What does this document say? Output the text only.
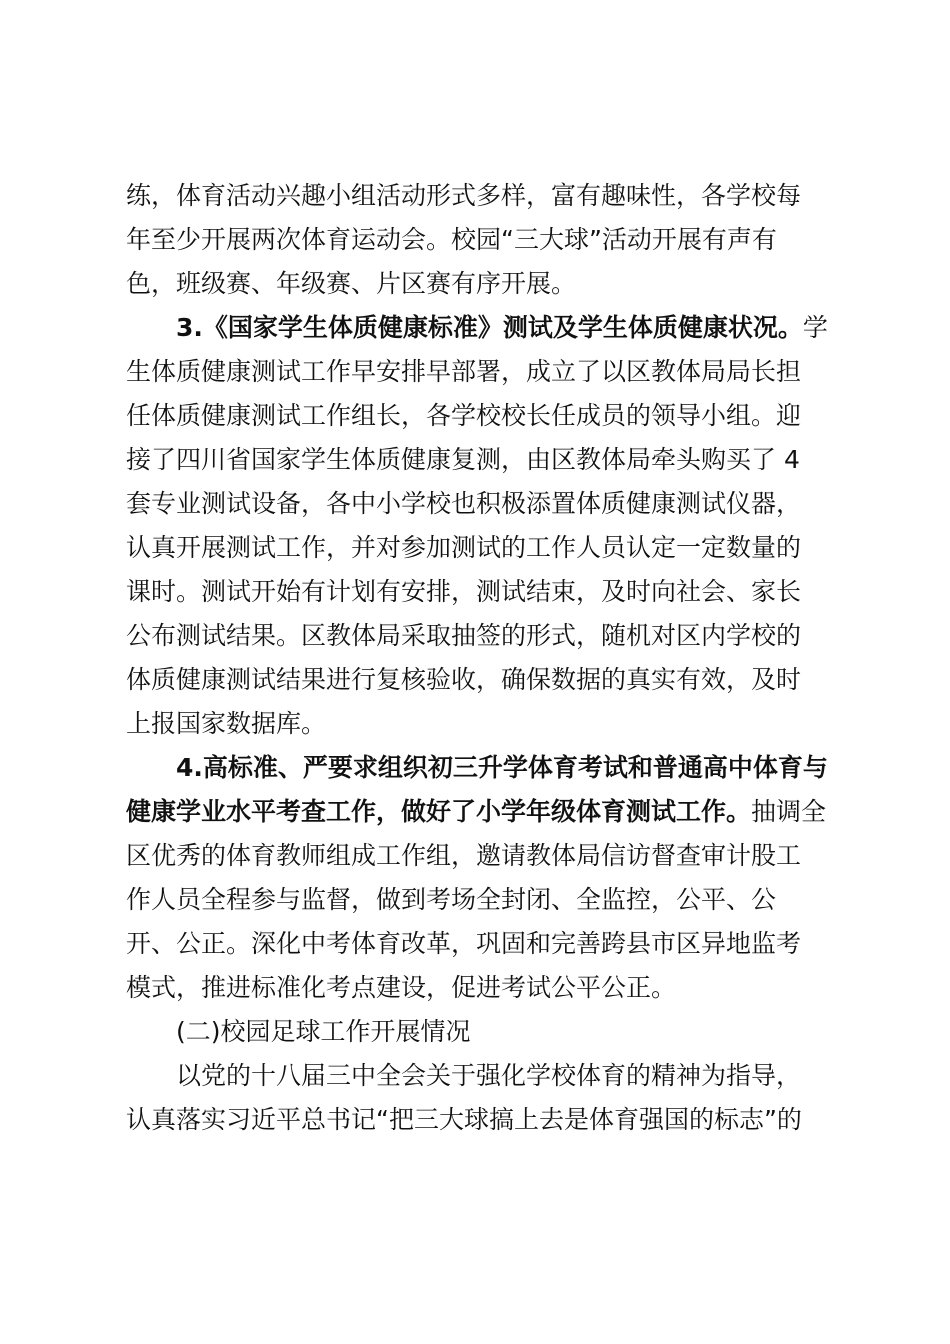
练，体育活动兴趣小组活动形式多样，富有趣味性，各学校每
年至少开展两次体育运动会。校园“三大球”活动开展有声有
色，班级赛、年级赛、片区赛有序开展。
3.《国家学生体质健康标准》测试及学生体质健康状况。学
生体质健康测试工作早安排早部署，成立了以区教体局局长担
任体质健康测试工作组长，各学校校长任成员的领导小组。迎
接了四川省国家学生体质健康复测，由区教体局牵头购买了 4
套专业测试设备，各中小学校也积极添置体质健康测试仪器，
认真开展测试工作，并对参加测试的工作人员认定一定数量的
课时。测试开始有计划有安排，测试结束，及时向社会、家长
公布测试结果。区教体局采取抽签的形式，随机对区内学校的
体质健康测试结果进行复核验收，确保数据的真实有效，及时
上报国家数据库。
4.高标准、严要求组织初三升学体育考试和普通高中体育与
健康学业水平考查工作，做好了小学年级体育测试工作。抽调全
区优秀的体育教师组成工作组，邀请教体局信访督查审计股工
作人员全程参与监督，做到考场全封闭、全监控，公平、公
开、公正。深化中考体育改革，巩固和完善跨县市区异地监考
模式，推进标准化考点建设，促进考试公平公正。
(二)校园足球工作开展情况
以党的十八届三中全会关于强化学校体育的精神为指导，
认真落实习近平总书记“把三大球搞上去是体育强国的标志”的
